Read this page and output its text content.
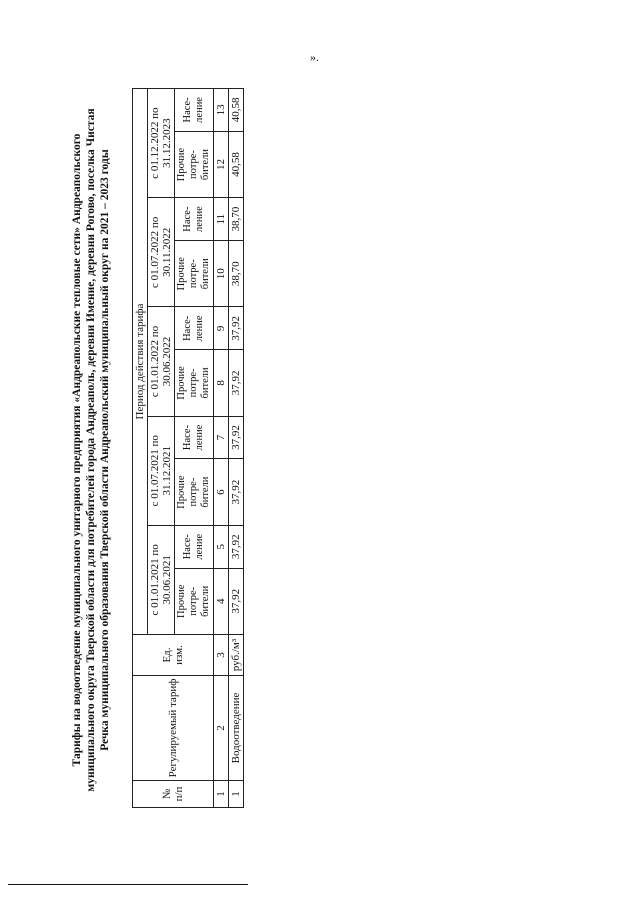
Тарифы на водоотведение муниципального унитарного предприятия «Андреапольские тепловые сети» Андреапольского муниципального округа Тверской области для потребителей города Андреаполь, деревни Имение, деревни Рогово, поселка Чистая Речка муниципального образования Тверской области Андреапольский муниципальный округ на 2021 – 2023 годы
№ п/п	Регулируемый тариф	Ед. изм.	Период действия тарифа									
			с 01.01.2021 по 30.06.2021		с 01.07.2021 по 31.12.2021		с 01.01.2022 по 30.06.2022		с 01.07.2022 по 30.11.2022		с 01.12.2022 по 31.12.2023	
			Прочие потре- бители	Насе- ление	Прочие потре- бители	Насе- ление	Прочие потре- бители	Насе- ление	Прочие потре- бители	Насе- ление	Прочие потре- бители	Насе- ление
1	2	3	4	5	6	7	8	9	10	11	12	13
1	Водоотведение	руб./м³	37,92	37,92	37,92	37,92	37,92	37,92	38,70	38,70	40,58	40,58
».
